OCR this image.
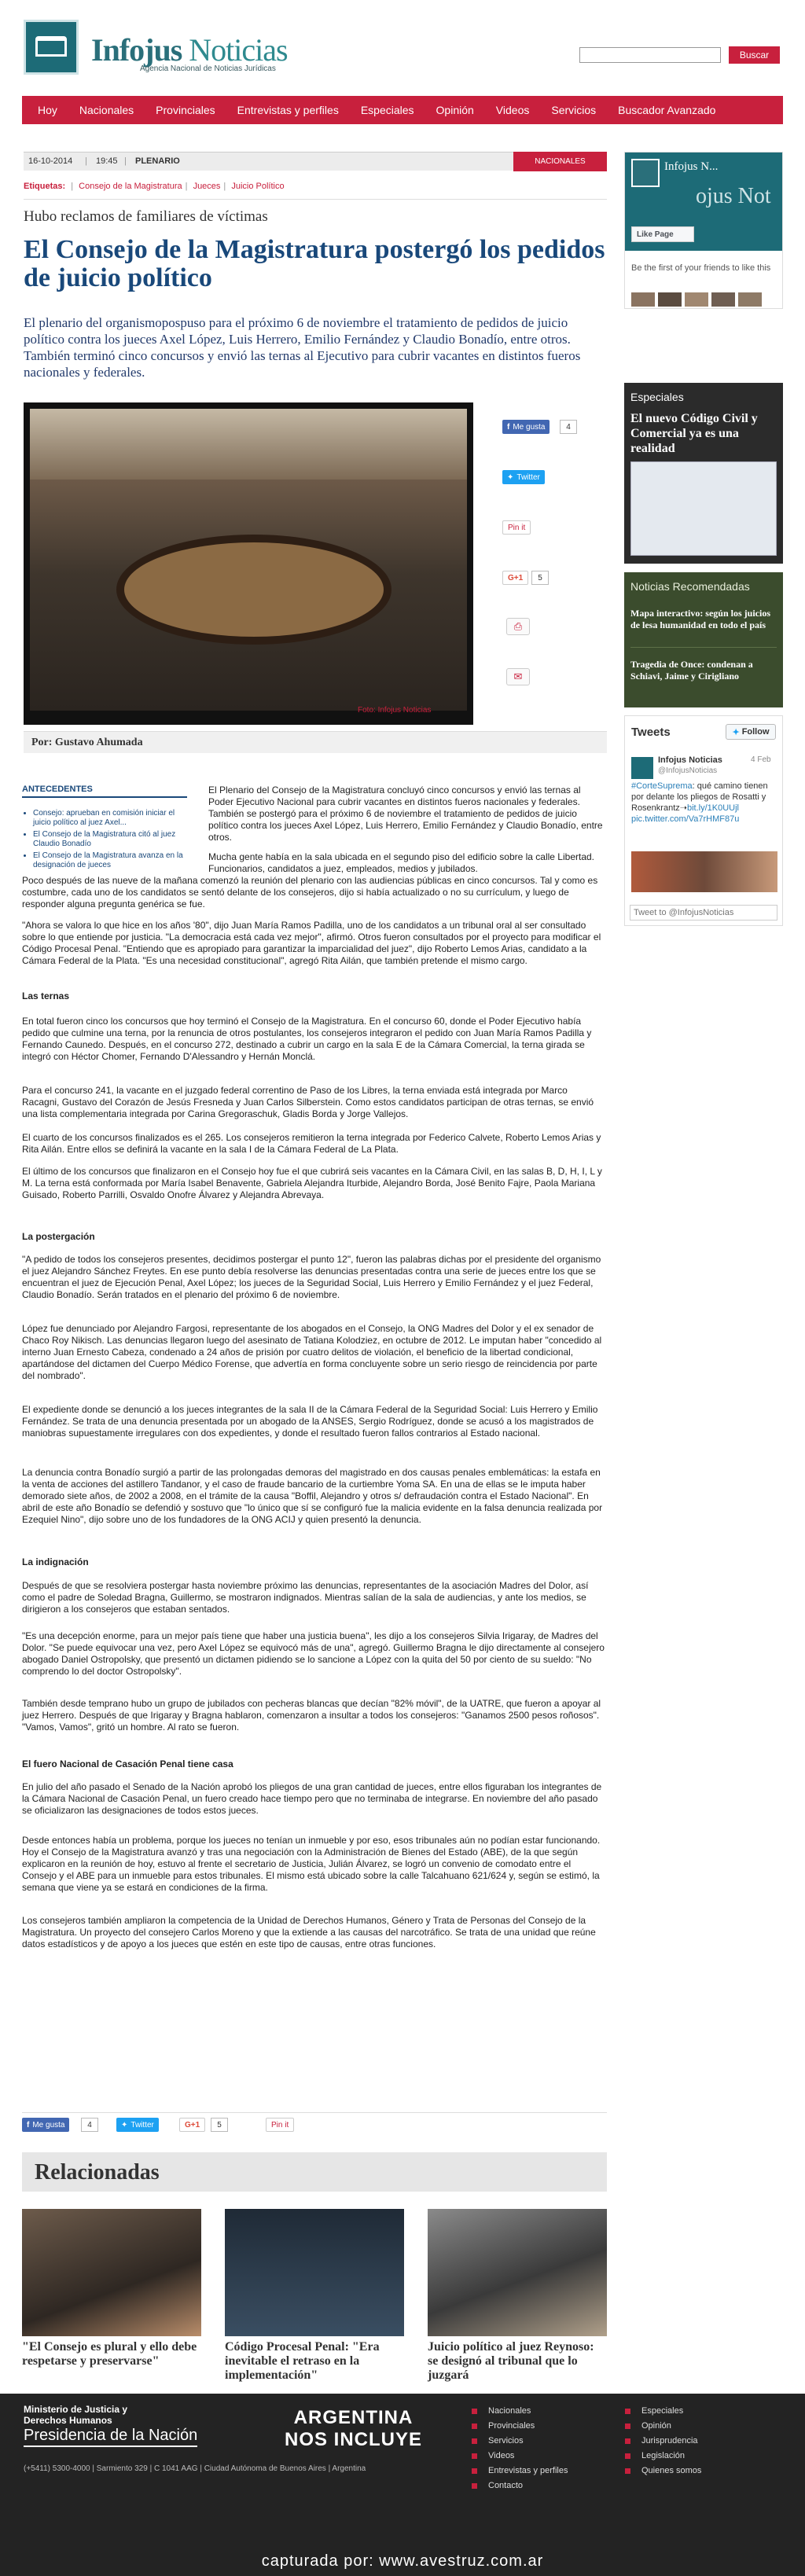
Infojus Noticias
Agencia Nacional de Noticias Jurídicas
Buscar
Hoy	Nacionales	Provinciales	Entrevistas y perfiles	Especiales	Opinión	Videos	Servicios	Buscador Avanzado
16-10-2014 | 19:45 | PLENARIO	NACIONALES
Etiquetas: | Consejo de la Magistratura | Jueces | Juicio Político
Hubo reclamos de familiares de víctimas
El Consejo de la Magistratura postergó los pedidos de juicio político
El plenario del organismopospuso para el próximo 6 de noviembre el tratamiento de pedidos de juicio político contra los jueces Axel López, Luis Herrero, Emilio Fernández y Claudio Bonadío, entre otros. También terminó cinco concursos y envió las ternas al Ejecutivo para cubrir vacantes en distintos fueros nacionales y federales.
Foto: Infojus Noticias
f Me gusta	4
✦ Twitter
Pin it
G+1	5
⎙
✉
Por: Gustavo Ahumada
ANTECEDENTES
• Consejo: aprueban en comisión iniciar el juicio político al juez Axel...
• El Consejo de la Magistratura citó al juez Claudio Bonadío
• El Consejo de la Magistratura avanza en la designación de jueces
El Plenario del Consejo de la Magistratura concluyó cinco concursos y envió las ternas al Poder Ejecutivo Nacional para cubrir vacantes en distintos fueros nacionales y federales. También se postergó para el próximo 6 de noviembre el tratamiento de pedidos de juicio político contra los jueces Axel López, Luis Herrero, Emilio Fernández y Claudio Bonadío, entre otros.
Mucha gente había en la sala ubicada en el segundo piso del edificio sobre la calle Libertad. Funcionarios, candidatos a juez, empleados, medios y jubilados.
Poco después de las nueve de la mañana comenzó la reunión del plenario con las audiencias públicas en cinco concursos. Tal y como es costumbre, cada uno de los candidatos se sentó delante de los consejeros, dijo si había actualizado o no su currículum, y luego de responder alguna pregunta genérica se fue.
"Ahora se valora lo que hice en los años '80", dijo Juan María Ramos Padilla, uno de los candidatos a un tribunal oral al ser consultado sobre lo que entiende por justicia. "La democracia está cada vez mejor", afirmó. Otros fueron consultados por el proyecto para modificar el Código Procesal Penal. "Entiendo que es apropiado para garantizar la imparcialidad del juez", dijo Roberto Lemos Arias, candidato a la Cámara Federal de la Plata. "Es una necesidad constitucional", agregó Rita Ailán, que también pretende el mismo cargo.
Las ternas
En total fueron cinco los concursos que hoy terminó el Consejo de la Magistratura. En el concurso 60, donde el Poder Ejecutivo había pedido que culmine una terna, por la renuncia de otros postulantes, los consejeros integraron el pedido con Juan María Ramos Padilla y Fernando Caunedo. Después, en el concurso 272, destinado a cubrir un cargo en la sala E de la Cámara Comercial, la terna girada se integró con Héctor Chomer, Fernando D'Alessandro y Hernán Monclá.
Para el concurso 241, la vacante en el juzgado federal correntino de Paso de los Libres, la terna enviada está integrada por Marco Racagni, Gustavo del Corazón de Jesús Fresneda y Juan Carlos Silberstein. Como estos candidatos participan de otras ternas, se envió una lista complementaria integrada por Carina Gregoraschuk, Gladis Borda y Jorge Vallejos.
El cuarto de los concursos finalizados es el 265. Los consejeros remitieron la terna integrada por Federico Calvete, Roberto Lemos Arias y Rita Ailán. Entre ellos se definirá la vacante en la sala I de la Cámara Federal de La Plata.
El último de los concursos que finalizaron en el Consejo hoy fue el que cubrirá seis vacantes en la Cámara Civil, en las salas B, D, H, I, L y M. La terna está conformada por María Isabel Benavente, Gabriela Alejandra Iturbide, Alejandro Borda, José Benito Fajre, Paola Mariana Guisado, Roberto Parrilli, Osvaldo Onofre Álvarez y Alejandra Abrevaya.
La postergación
"A pedido de todos los consejeros presentes, decidimos postergar el punto 12", fueron las palabras dichas por el presidente del organismo el juez Alejandro Sánchez Freytes. En ese punto debía resolverse las denuncias presentadas contra una serie de jueces entre los que se encuentran el juez de Ejecución Penal, Axel López; los jueces de la Seguridad Social, Luis Herrero y Emilio Fernández y el juez Federal, Claudio Bonadío. Serán tratados en el plenario del próximo 6 de noviembre.
López fue denunciado por Alejandro Fargosi, representante de los abogados en el Consejo, la ONG Madres del Dolor y el ex senador de Chaco Roy Nikisch. Las denuncias llegaron luego del asesinato de Tatiana Kolodziez, en octubre de 2012. Le imputan haber "concedido al interno Juan Ernesto Cabeza, condenado a 24 años de prisión por cuatro delitos de violación, el beneficio de la libertad condicional, apartándose del dictamen del Cuerpo Médico Forense, que advertía en forma concluyente sobre un serio riesgo de reincidencia por parte del nombrado".
El expediente donde se denunció a los jueces integrantes de la sala II de la Cámara Federal de la Seguridad Social: Luis Herrero y Emilio Fernández. Se trata de una denuncia presentada por un abogado de la ANSES, Sergio Rodríguez, donde se acusó a los magistrados de maniobras supuestamente irregulares con dos expedientes, y donde el resultado fueron fallos contrarios al Estado nacional.
La denuncia contra Bonadío surgió a partir de las prolongadas demoras del magistrado en dos causas penales emblemáticas: la estafa en la venta de acciones del astillero Tandanor, y el caso de fraude bancario de la curtiembre Yoma SA. En una de ellas se le imputa haber demorado siete años, de 2002 a 2008, en el trámite de la causa "Boffil, Alejandro y otros s/ defraudación contra el Estado Nacional". En abril de este año Bonadío se defendió y sostuvo que "lo único que sí se configuró fue la malicia evidente en la falsa denuncia realizada por Ezequiel Nino", dijo sobre uno de los fundadores de la ONG ACIJ y quien presentó la denuncia.
La indignación
Después de que se resolviera postergar hasta noviembre próximo las denuncias, representantes de la asociación Madres del Dolor, así como el padre de Soledad Bragna, Guillermo, se mostraron indignados. Mientras salían de la sala de audiencias, y ante los medios, se dirigieron a los consejeros que estaban sentados.
"Es una decepción enorme, para un mejor país tiene que haber una justicia buena", les dijo a los consejeros Silvia Irigaray, de Madres del Dolor. "Se puede equivocar una vez, pero Axel López se equivocó más de una", agregó. Guillermo Bragna le dijo directamente al consejero abogado Daniel Ostropolsky, que presentó un dictamen pidiendo se lo sancione a López con la quita del 50 por ciento de su sueldo: "No comprendo lo del doctor Ostropolsky".
También desde temprano hubo un grupo de jubilados con pecheras blancas que decían "82% móvil", de la UATRE, que fueron a apoyar al juez Herrero. Después de que Irigaray y Bragna hablaron, comenzaron a insultar a todos los consejeros: "Ganamos 2500 pesos roñosos". "Vamos, Vamos", gritó un hombre. Al rato se fueron.
El fuero Nacional de Casación Penal tiene casa
En julio del año pasado el Senado de la Nación aprobó los pliegos de una gran cantidad de jueces, entre ellos figuraban los integrantes de la Cámara Nacional de Casación Penal, un fuero creado hace tiempo pero que no terminaba de integrarse. En noviembre del año pasado se oficializaron las designaciones de todos estos jueces.
Desde entonces había un problema, porque los jueces no tenían un inmueble y por eso, esos tribunales aún no podían estar funcionando. Hoy el Consejo de la Magistratura avanzó y tras una negociación con la Administración de Bienes del Estado (ABE), de la que según explicaron en la reunión de hoy, estuvo al frente el secretario de Justicia, Julián Álvarez, se logró un convenio de comodato entre el Consejo y el ABE para un inmueble para estos tribunales. El mismo está ubicado sobre la calle Talcahuano 621/624 y, según se estimó, la semana que viene ya se estará en condiciones de la firma.
Los consejeros también ampliaron la competencia de la Unidad de Derechos Humanos, Género y Trata de Personas del Consejo de la Magistratura. Un proyecto del consejero Carlos Moreno y que la extiende a las causas del narcotráfico. Se trata de una unidad que reúne datos estadísticos y de apoyo a los jueces que estén en este tipo de causas, entre otras funciones.
f Me gusta	4	✦ Twitter	G+1	5	Pin it
Relacionadas
"El Consejo es plural y ello debe respetarse y preservarse"
Código Procesal Penal: "Era inevitable el retraso en la implementación"
Juicio político al juez Reynoso: se designó al tribunal que lo juzgará
Infojus N...
ojus Not
Like Page
Be the first of your friends to like this
Especiales
El nuevo Código Civil y Comercial ya es una realidad
Noticias Recomendadas
Mapa interactivo: según los juicios de lesa humanidad en todo el país
Tragedia de Once: condenan a Schiavi, Jaime y Cirigliano
Tweets	✦ Follow
Infojus Noticias
@InfojusNoticias
4 Feb
#CorteSuprema: qué camino tienen por delante los pliegos de Rosatti y Rosenkrantz➝bit.ly/1K0UUjl pic.twitter.com/Va7rHMF87u
Tweet to @InfojusNoticias
Ministerio de Justicia y Derechos Humanos
Presidencia de la Nación
ARGENTINA
NOS INCLUYE
(+5411) 5300-4000 | Sarmiento 329 | C 1041 AAG | Ciudad Autónoma de Buenos Aires | Argentina
Nacionales
Provinciales
Servicios
Videos
Entrevistas y perfiles
Contacto
Especiales
Opinión
Jurisprudencia
Legislación
Quienes somos
capturada por: www.avestruz.com.ar
